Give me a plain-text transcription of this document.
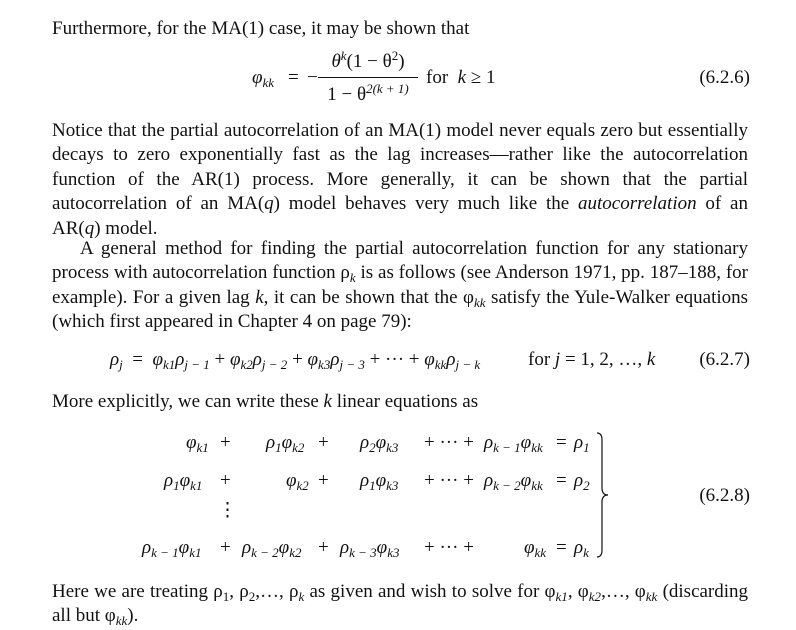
Furthermore, for the MA(1) case, it may be shown that
$\varphi_{kk}$ = −
$\theta^k(1 - \theta^2)$
$1 - \theta^{2(k + 1)}$
for k ≥ 1	(6.2.6)
Notice that the partial autocorrelation of an MA(1) model never equals zero but essentially decays to zero exponentially fast as the lag increases—rather like the autocorrelation function of the AR(1) process. More generally, it can be shown that the partial autocorrelation of an MA(q) model behaves very much like the autocorrelation of an AR(q) model.
A general method for finding the partial autocorrelation function for any stationary process with autocorrelation function $\rho_k$ is as follows (see Anderson 1971, pp. 187–188, for example). For a given lag k, it can be shown that the $\varphi_{kk}$ satisfy the Yule-Walker equations (which first appeared in Chapter 4 on page 79):
$\rho_j = \varphi_{k1}\rho_{j - 1} + \varphi_{k2}\rho_{j - 2} + \varphi_{k3}\rho_{j - 3}$ + ··· + $\varphi_{kk}\rho_{j - k}$	for j = 1, 2, …, k (6.2.7)
More explicitly, we can write these k linear equations as
$\varphi_{k1} + \rho_1\varphi_{k2} + \rho_2\varphi_{k3}$ + ··· + $\rho_{k - 1}\varphi_{kk} = \rho_1$
$\rho_1\varphi_{k1}$ +	$\varphi_{k2} + \rho_1\varphi_{k3}$ + ··· + $\rho_{k - 2}\varphi_{kk} = \rho_2$
⋮
$\rho_{k - 1}\varphi_{k1} + \rho_{k - 2}\varphi_{k2} + \rho_{k - 3}\varphi_{k3}$ + ··· +	$\varphi_{kk} = \rho_k$
(6.2.8)
Here we are treating $\rho_1$, $\rho_2,\dots$, $\rho_k$ as given and wish to solve for $\varphi_{k1}$, $\varphi_{k2},\dots$, $\varphi_{kk}$ (discarding all but $\varphi_{kk}$).
